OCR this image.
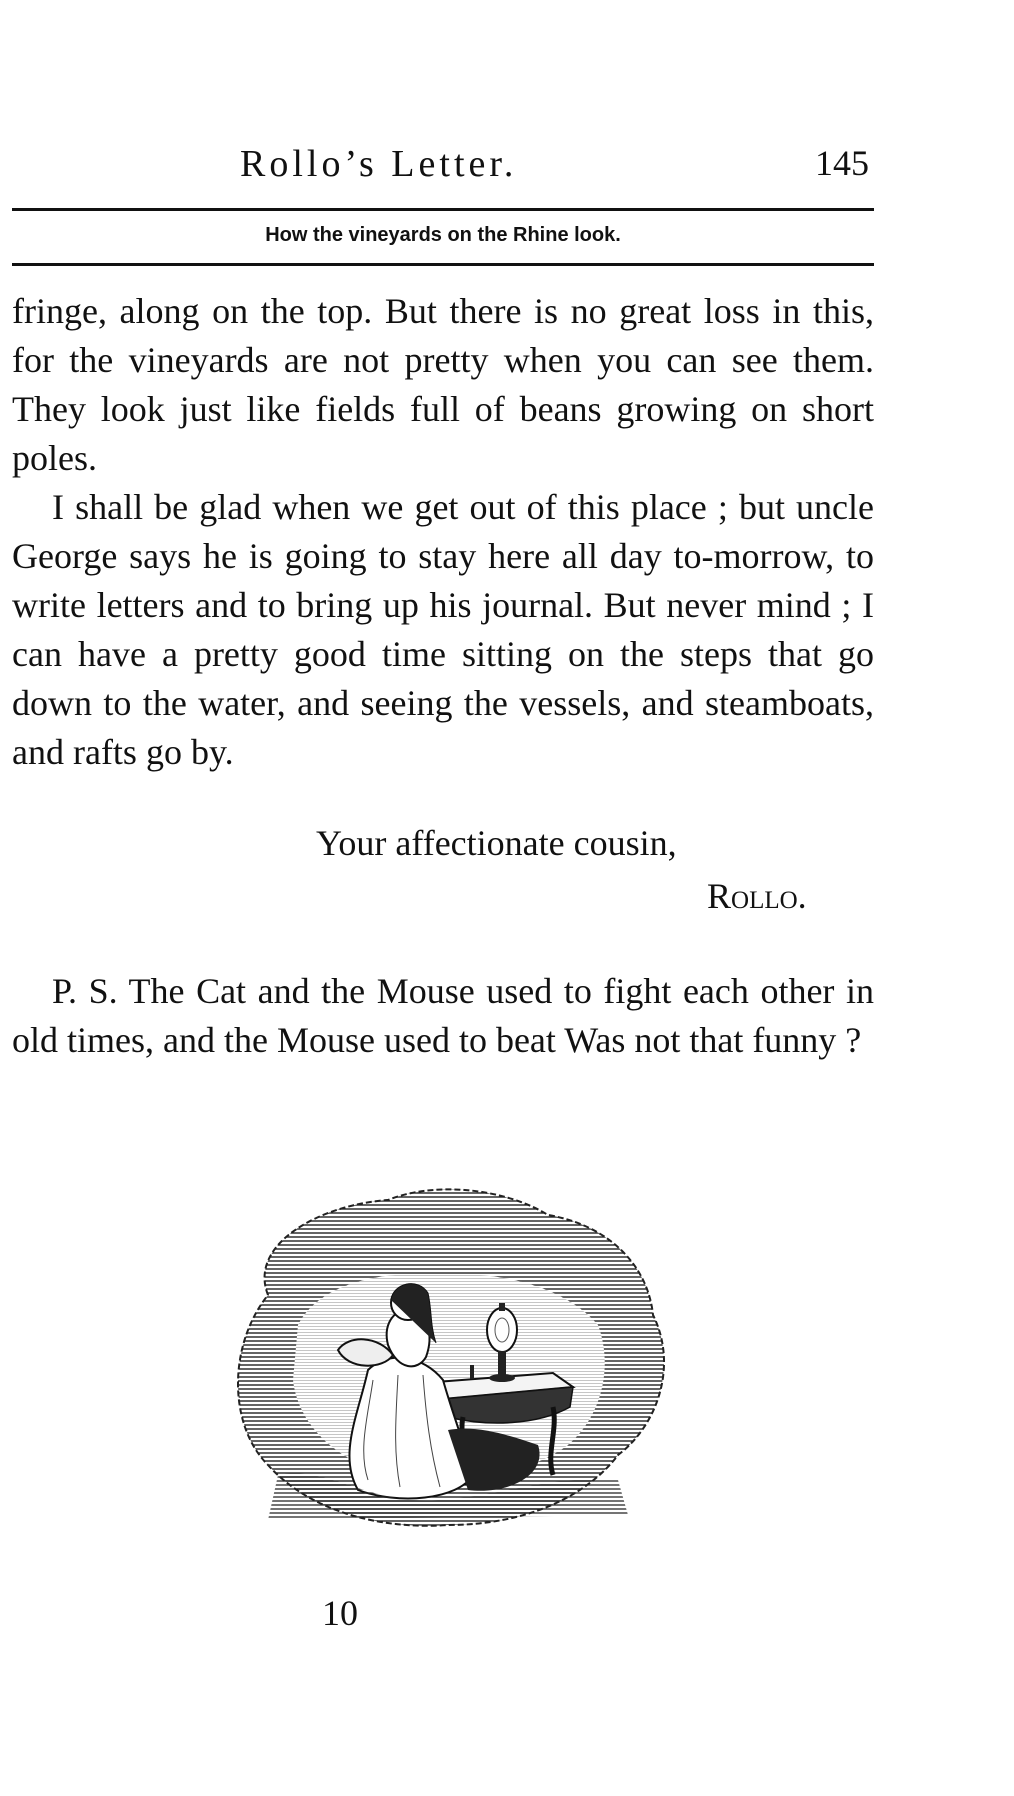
Rollo’s Letter.	145
How the vineyards on the Rhine look.

fringe, along on the top. But there is no great loss in this, for the vineyards are not pretty when you can see them. They look just like fields full of beans growing on short poles.

I shall be glad when we get out of this place ; but uncle George says he is going to stay here all day to-morrow, to write letters and to bring up his journal. But never mind ; I can have a pretty good time sitting on the steps that go down to the water, and seeing the vessels, and steamboats, and rafts go by.

Your affectionate cousin,
Rollo.

P. S. The Cat and the Mouse used to fight each other in old times, and the Mouse used to beat Was not that funny ?

10
